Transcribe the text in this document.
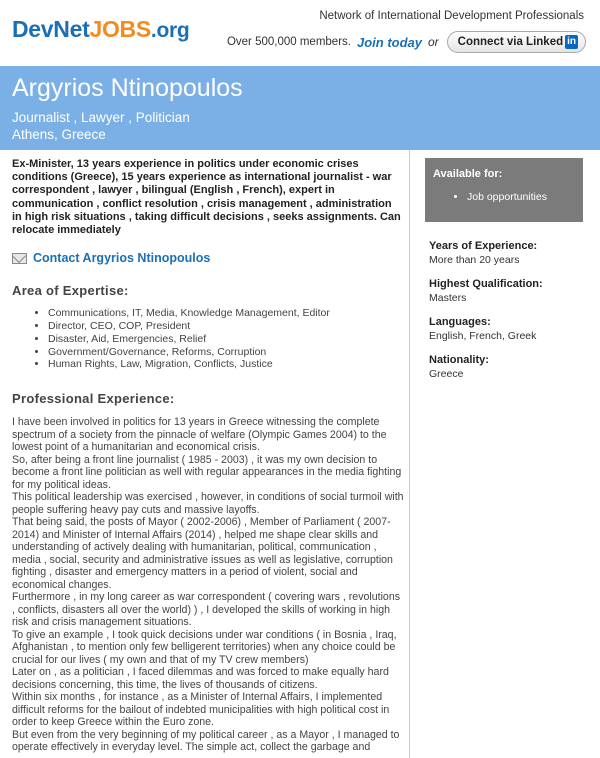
DevNetJOBS.org
Network of International Development Professionals
Over 500,000 members. Join today or Connect via Linked in
Argyrios Ntinopoulos
Journalist , Lawyer , Politician
Athens, Greece
Ex-Minister, 13 years experience in politics under economic crises conditions (Greece), 15 years experience as international journalist - war correspondent , lawyer , bilingual (English , French), expert in communication , conflict resolution , crisis management , administration in high risk situations , taking difficult decisions , seeks assignments. Can relocate immediately
Contact Argyrios Ntinopoulos
Area of Expertise:
• Communications, IT, Media, Knowledge Management, Editor
• Director, CEO, COP, President
• Disaster, Aid, Emergencies, Relief
• Government/Governance, Reforms, Corruption
• Human Rights, Law, Migration, Conflicts, Justice
Professional Experience:

I have been involved in politics for 13 years in Greece witnessing the complete spectrum of a society from the pinnacle of welfare (Olympic Games 2004) to the lowest point of a humanitarian and economical crisis.

So, after being a front line journalist ( 1985 - 2003) , it was my own decision to become a front line politician as well with regular appearances in the media fighting for my political ideas.

This political leadership was exercised , however, in conditions of social turmoil with people suffering heavy pay cuts and massive layoffs.

That being said, the posts of Mayor ( 2002-2006) , Member of Parliament ( 2007-2014) and Minister of Internal Affairs (2014) , helped me shape clear skills and understanding of actively dealing with humanitarian, political, communication , media , social, security and administrative issues as well as legislative, corruption fighting , disaster and emergency matters in a period of violent, social and economical changes.

Furthermore , in my long career as war correspondent ( covering wars , revolutions , conflicts, disasters all over the world) ) , I developed the skills of working in high risk and crisis management situations.

To give an example , I took quick decisions under war conditions ( in Bosnia , Iraq, Afghanistan , to mention only few belligerent territories) when any choice could be crucial for our lives ( my own and that of my TV crew members)

Later on , as a politician , I faced dilemmas and was forced to make equally hard decisions concerning, this time, the lives of thousands of citizens.

Within six months , for instance , as a Minister of Internal Affairs, I implemented difficult reforms for the bailout of indebted municipalities with high political cost in order to keep Greece within the Euro zone.

But even from the very beginning of my political career , as a Mayor , I managed to operate effectively in everyday level. The simple act, collect the garbage and

Available for:
• Job opportunities
Years of Experience:
More than 20 years
Highest Qualification:
Masters
Languages:
English, French, Greek
Nationality:
Greece
